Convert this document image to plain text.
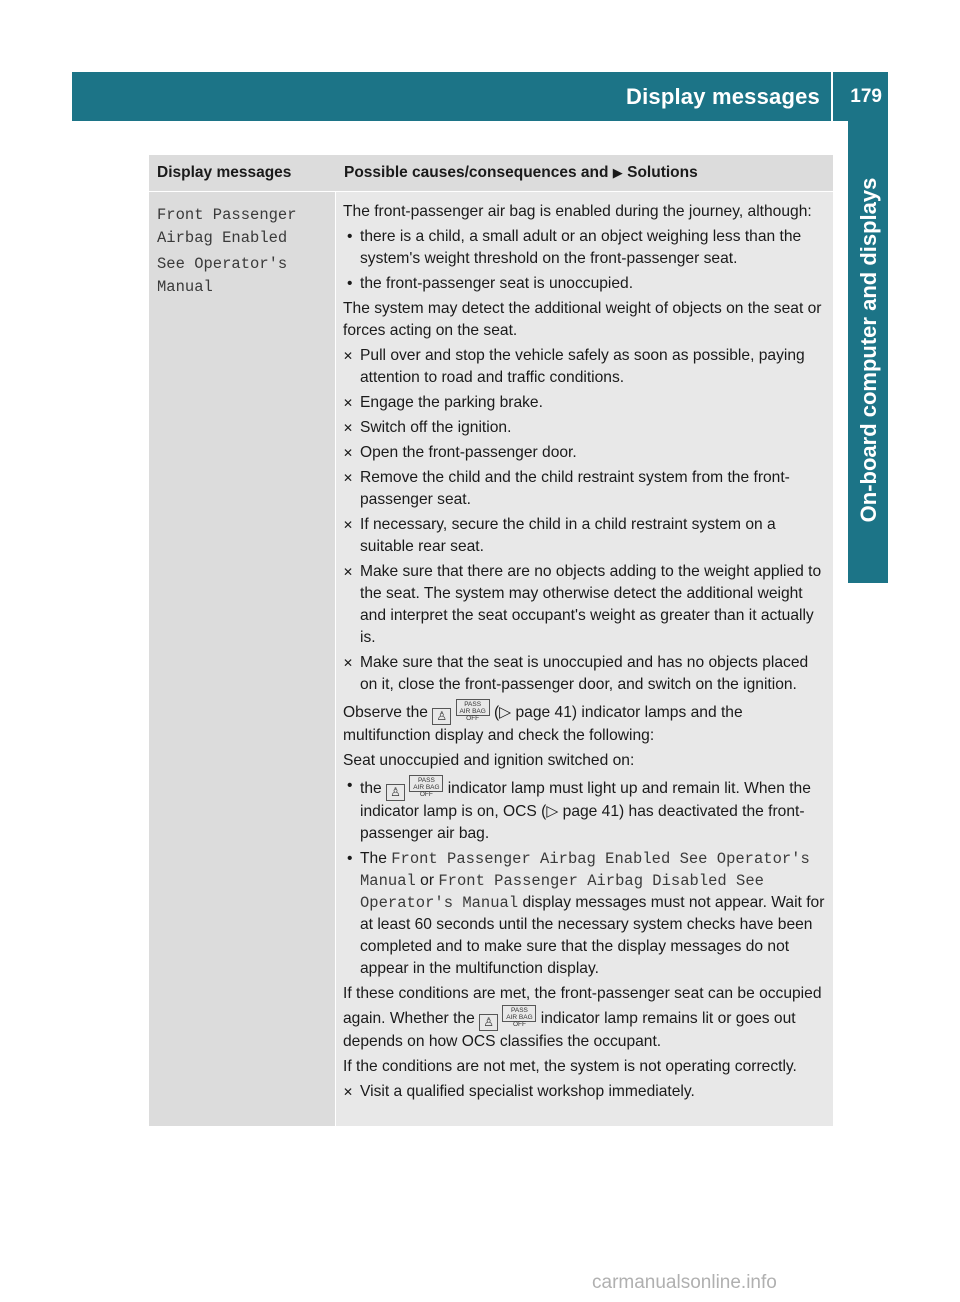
Display messages 179
On-board computer and displays
Display messages	Possible causes/consequences and ▶ Solutions
Front Passenger
Airbag Enabled
See Operator's
Manual

The front-passenger air bag is enabled during the journey, although:

• there is a child, a small adult or an object weighing less than the system's weight threshold on the front-passenger seat.
• the front-passenger seat is unoccupied.

The system may detect the additional weight of objects on the seat or forces acting on the seat.

✕ Pull over and stop the vehicle safely as soon as possible, paying attention to road and traffic conditions.
✕ Engage the parking brake.
✕ Switch off the ignition.
✕ Open the front-passenger door.
✕ Remove the child and the child restraint system from the front-passenger seat.
✕ If necessary, secure the child in a child restraint system on a suitable rear seat.
✕ Make sure that there are no objects adding to the weight applied to the seat. The system may otherwise detect the additional weight and interpret the seat occupant's weight as greater than it actually is.
✕ Make sure that the seat is unoccupied and has no objects placed on it, close the front-passenger door, and switch on the ignition.

Observe the ♙ PASS
AIR BAG OFF (▷ page 41) indicator lamps and the multifunction display and check the following:

Seat unoccupied and ignition switched on:

• the ♙ PASS
AIR BAG OFF indicator lamp must light up and remain lit. When the indicator lamp is on, OCS (▷ page 41) has deactivated the front-passenger air bag.
• The Front Passenger Airbag Enabled See Operator's Manual or Front Passenger Airbag Disabled See Operator's Manual display messages must not appear. Wait for at least 60 seconds until the necessary system checks have been completed and to make sure that the display messages do not appear in the multifunction display.

If these conditions are met, the front-passenger seat can be occupied again. Whether the ♙ PASS
AIR BAG OFF indicator lamp remains lit or goes out depends on how OCS classifies the occupant.

If the conditions are not met, the system is not operating correctly.

✕ Visit a qualified specialist workshop immediately.
carmanualsonline.info
